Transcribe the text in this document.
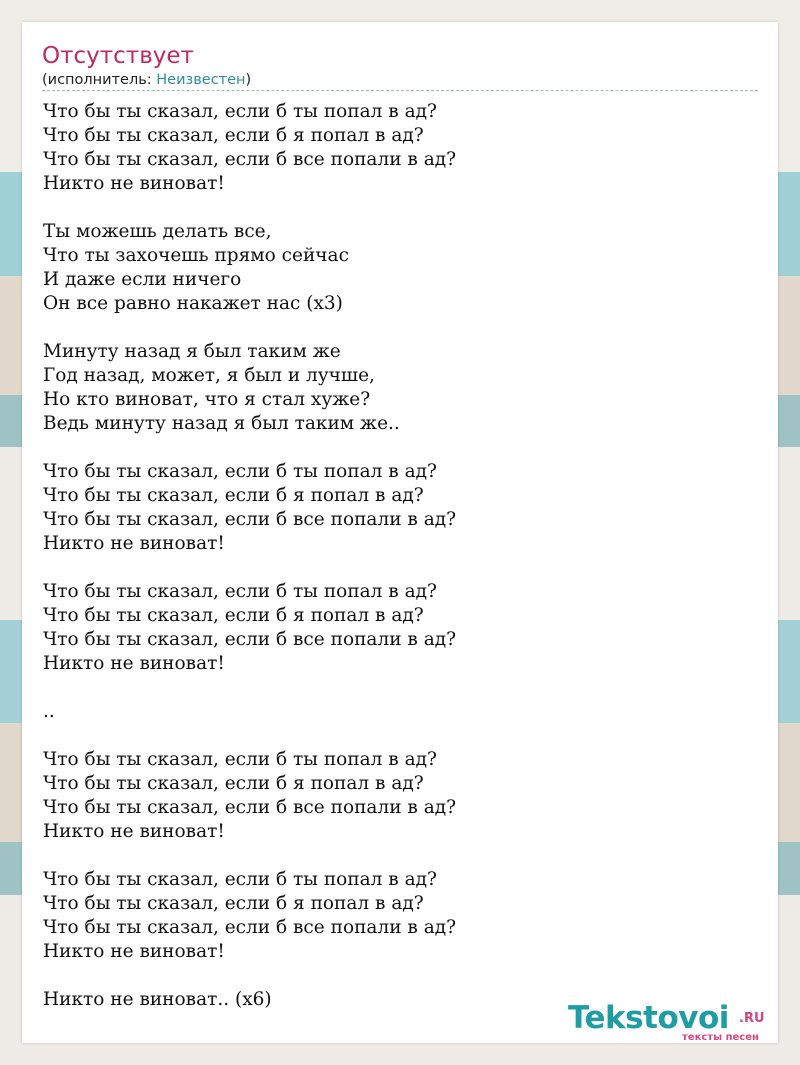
Отсутствует
(исполнитель: Неизвестен)
Что бы ты сказал, если б ты попал в ад?
Что бы ты сказал, если б я попал в ад?
Что бы ты сказал, если б все попали в ад?
Никто не виноват!
Ты можешь делать все,
Что ты захочешь прямо сейчас
И даже если ничего
Он все равно накажет нас (x3)
Минуту назад я был таким же
Год назад, может, я был и лучше,
Но кто виноват, что я стал хуже?
Ведь минуту назад я был таким же..
Что бы ты сказал, если б ты попал в ад?
Что бы ты сказал, если б я попал в ад?
Что бы ты сказал, если б все попали в ад?
Никто не виноват!
Что бы ты сказал, если б ты попал в ад?
Что бы ты сказал, если б я попал в ад?
Что бы ты сказал, если б все попали в ад?
Никто не виноват!
..
Что бы ты сказал, если б ты попал в ад?
Что бы ты сказал, если б я попал в ад?
Что бы ты сказал, если б все попали в ад?
Никто не виноват!
Что бы ты сказал, если б ты попал в ад?
Что бы ты сказал, если б я попал в ад?
Что бы ты сказал, если б все попали в ад?
Никто не виноват!
Никто не виноват.. (x6)
Tekstovoi .RU
тексты песен
